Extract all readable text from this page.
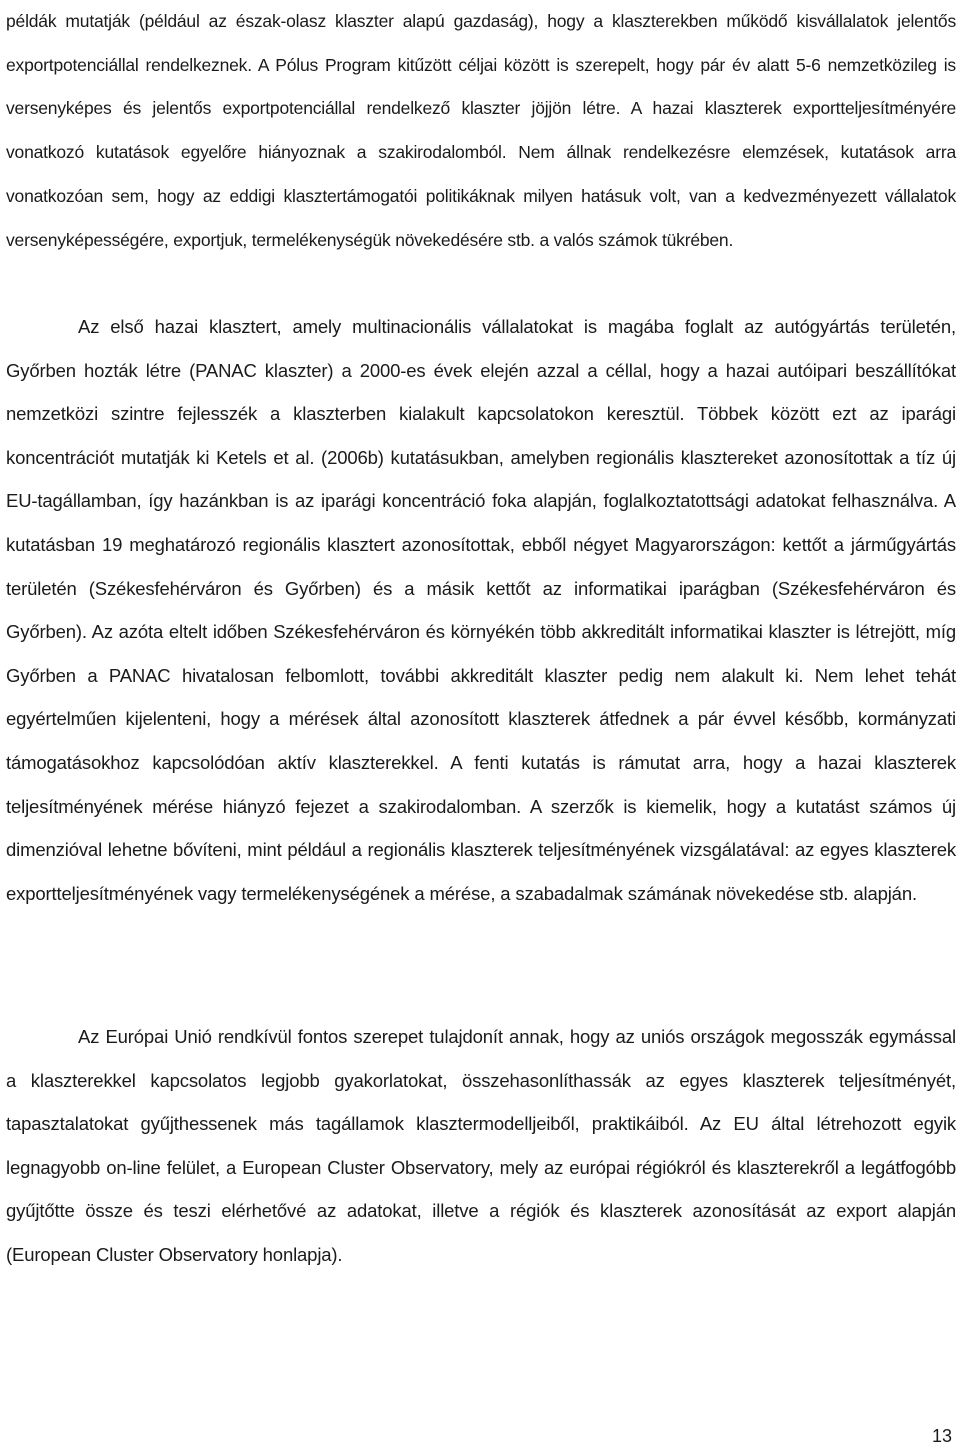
példák mutatják (például az észak-olasz klaszter alapú gazdaság), hogy a klaszterekben működő kisvállalatok jelentős exportpotenciállal rendelkeznek. A Pólus Program kitűzött céljai között is szerepelt, hogy pár év alatt 5-6 nemzetközileg is versenyképes és jelentős exportpotenciállal rendelkező klaszter jöjjön létre. A hazai klaszterek exportteljesítményére vonatkozó kutatások egyelőre hiányoznak a szakirodalomból. Nem állnak rendelkezésre elemzések, kutatások arra vonatkozóan sem, hogy az eddigi klasztertámogatói politikáknak milyen hatásuk volt, van a kedvezményezett vállalatok versenyképességére, exportjuk, termelékenységük növekedésére stb. a valós számok tükrében.

Az első hazai klasztert, amely multinacionális vállalatokat is magába foglalt az autógyártás területén, Győrben hozták létre (PANAC klaszter) a 2000-es évek elején azzal a céllal, hogy a hazai autóipari beszállítókat nemzetközi szintre fejlesszék a klaszterben kialakult kapcsolatokon keresztül. Többek között ezt az iparági koncentrációt mutatják ki Ketels et al. (2006b) kutatásukban, amelyben regionális klasztereket azonosítottak a tíz új EU-tagállamban, így hazánkban is az iparági koncentráció foka alapján, foglalkoztatottsági adatokat felhasználva. A kutatásban 19 meghatározó regionális klasztert azonosítottak, ebből négyet Magyarországon: kettőt a járműgyártás területén (Székesfehérváron és Győrben) és a másik kettőt az informatikai iparágban (Székesfehérváron és Győrben). Az azóta eltelt időben Székesfehérváron és környékén több akkreditált informatikai klaszter is létrejött, míg Győrben a PANAC hivatalosan felbomlott, további akkreditált klaszter pedig nem alakult ki. Nem lehet tehát egyértelműen kijelenteni, hogy a mérések által azonosított klaszterek átfednek a pár évvel később, kormányzati támogatásokhoz kapcsolódóan aktív klaszterekkel. A fenti kutatás is rámutat arra, hogy a hazai klaszterek teljesítményének mérése hiányzó fejezet a szakirodalomban. A szerzők is kiemelik, hogy a kutatást számos új dimenzióval lehetne bővíteni, mint például a regionális klaszterek teljesítményének vizsgálatával: az egyes klaszterek exportteljesítményének vagy termelékenységének a mérése, a szabadalmak számának növekedése stb. alapján.

Az Európai Unió rendkívül fontos szerepet tulajdonít annak, hogy az uniós országok megosszák egymással a klaszterekkel kapcsolatos legjobb gyakorlatokat, összehasonlíthassák az egyes klaszterek teljesítményét, tapasztalatokat gyűjthessenek más tagállamok klasztermodelljeiből, praktikáiból. Az EU által létrehozott egyik legnagyobb on-line felület, a European Cluster Observatory, mely az európai régiókról és klaszterekről a legátfogóbb gyűjtőtte össze és teszi elérhetővé az adatokat, illetve a régiók és klaszterek azonosítását az export alapján (European Cluster Observatory honlapja).

13
